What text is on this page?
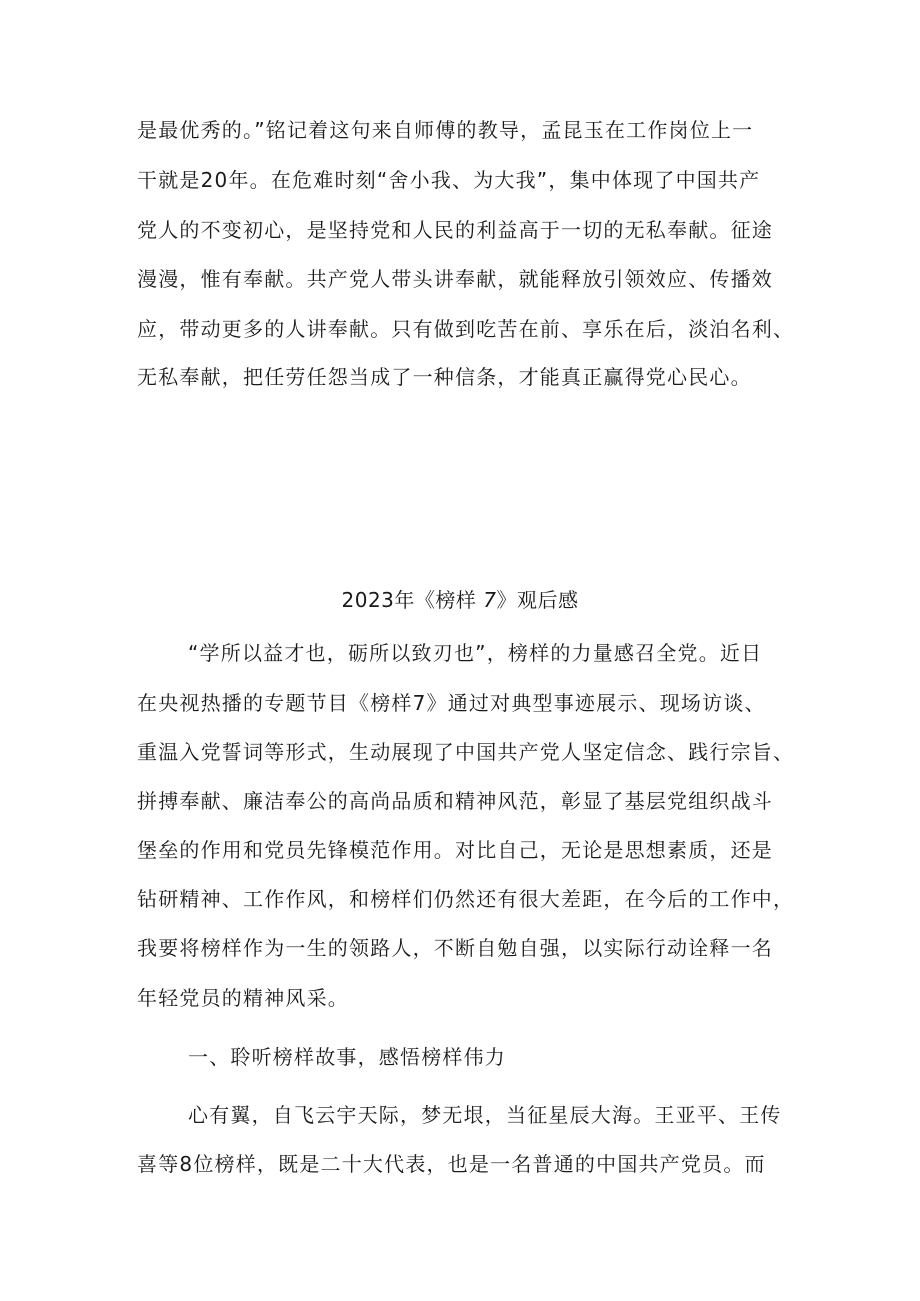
是最优秀的。”铭记着这句来自师傅的教导，孟昆玉在工作岗位上一
干就是20年。在危难时刻“舍小我、为大我”，集中体现了中国共产
党人的不变初心，是坚持党和人民的利益高于一切的无私奉献。征途
漫漫，惟有奉献。共产党人带头讲奉献，就能释放引领效应、传播效
应，带动更多的人讲奉献。只有做到吃苦在前、享乐在后，淡泊名利、
无私奉献，把任劳任怨当成了一种信条，才能真正赢得党心民心。
2023年《榜样 7》观后感
“学所以益才也，砺所以致刃也”，榜样的力量感召全党。近日
在央视热播的专题节目《榜样7》通过对典型事迹展示、现场访谈、
重温入党誓词等形式，生动展现了中国共产党人坚定信念、践行宗旨、
拼搏奉献、廉洁奉公的高尚品质和精神风范，彰显了基层党组织战斗
堡垒的作用和党员先锋模范作用。对比自己，无论是思想素质，还是
钻研精神、工作作风，和榜样们仍然还有很大差距，在今后的工作中，
我要将榜样作为一生的领路人，不断自勉自强，以实际行动诠释一名
年轻党员的精神风采。
一、聆听榜样故事，感悟榜样伟力
心有翼，自飞云宇天际，梦无垠，当征星辰大海。王亚平、王传
喜等8位榜样，既是二十大代表，也是一名普通的中国共产党员。而
